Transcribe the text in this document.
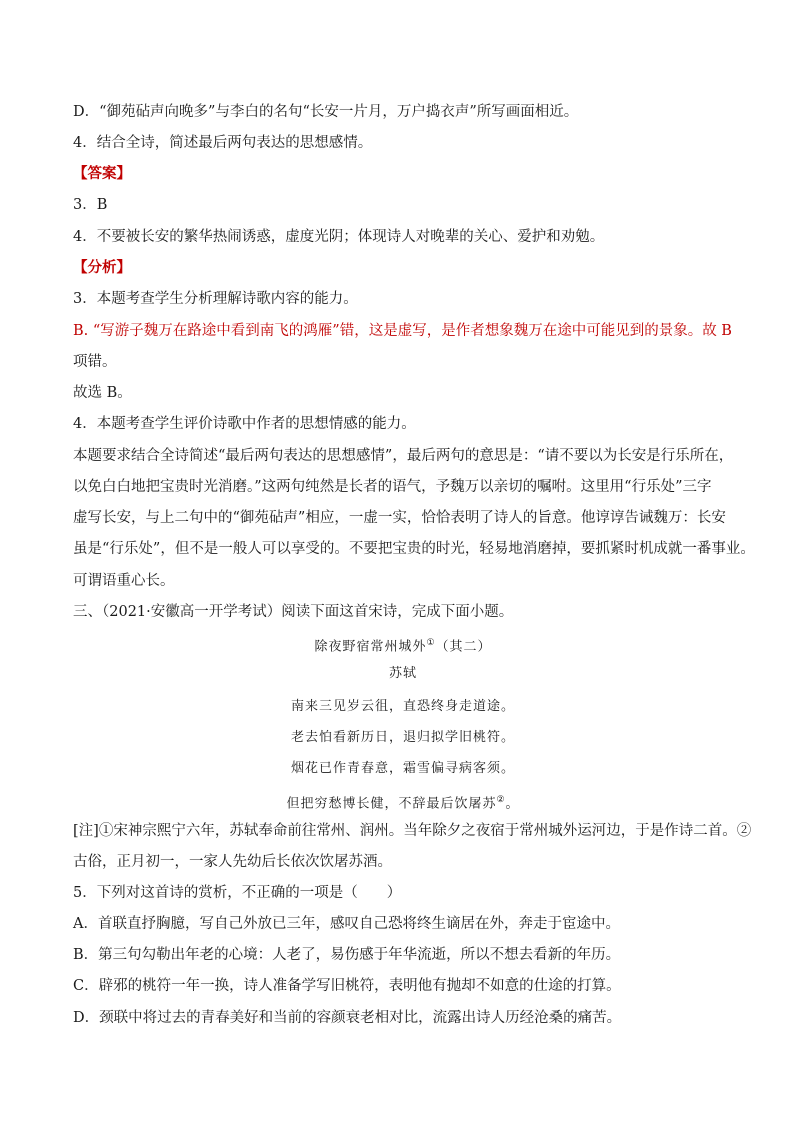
D．“御苑砧声向晚多”与李白的名句“长安一片月，万户捣衣声”所写画面相近。
4．结合全诗，简述最后两句表达的思想感情。
【答案】
3．B
4．不要被长安的繁华热闹诱惑，虚度光阴；体现诗人对晚辈的关心、爱护和劝勉。
【分析】
3．本题考查学生分析理解诗歌内容的能力。
B. “写游子魏万在路途中看到南飞的鸿雁”错，这是虚写，是作者想象魏万在途中可能见到的景象。故 B
项错。
故选 B。
4．本题考查学生评价诗歌中作者的思想情感的能力。
本题要求结合全诗简述“最后两句表达的思想感情”，最后两句的意思是：“请不要以为长安是行乐所在，
以免白白地把宝贵时光消磨。”这两句纯然是长者的语气，予魏万以亲切的嘱咐。这里用“行乐处”三字
虚写长安，与上二句中的“御苑砧声”相应，一虚一实，恰恰表明了诗人的旨意。他谆谆告诫魏万：长安
虽是“行乐处”，但不是一般人可以享受的。不要把宝贵的时光，轻易地消磨掉，要抓紧时机成就一番事业。
可谓语重心长。
三、（2021·安徽高一开学考试）阅读下面这首宋诗，完成下面小题。
除夜野宿常州城外①（其二）
苏轼
南来三见岁云徂，直恐终身走道途。
老去怕看新历日，退归拟学旧桃符。
烟花已作青春意，霜雪偏寻病客须。
但把穷愁博长健，不辞最后饮屠苏②。
[注]①宋神宗熙宁六年，苏轼奉命前往常州、润州。当年除夕之夜宿于常州城外运河边，于是作诗二首。②
古俗，正月初一，一家人先幼后长依次饮屠苏酒。
5．下列对这首诗的赏析，不正确的一项是（　　）
A．首联直抒胸臆，写自己外放已三年，感叹自己恐将终生谪居在外，奔走于宦途中。
B．第三句勾勒出年老的心境：人老了，易伤感于年华流逝，所以不想去看新的年历。
C．辟邪的桃符一年一换，诗人准备学写旧桃符，表明他有抛却不如意的仕途的打算。
D．颈联中将过去的青春美好和当前的容颜衰老相对比，流露出诗人历经沧桑的痛苦。
